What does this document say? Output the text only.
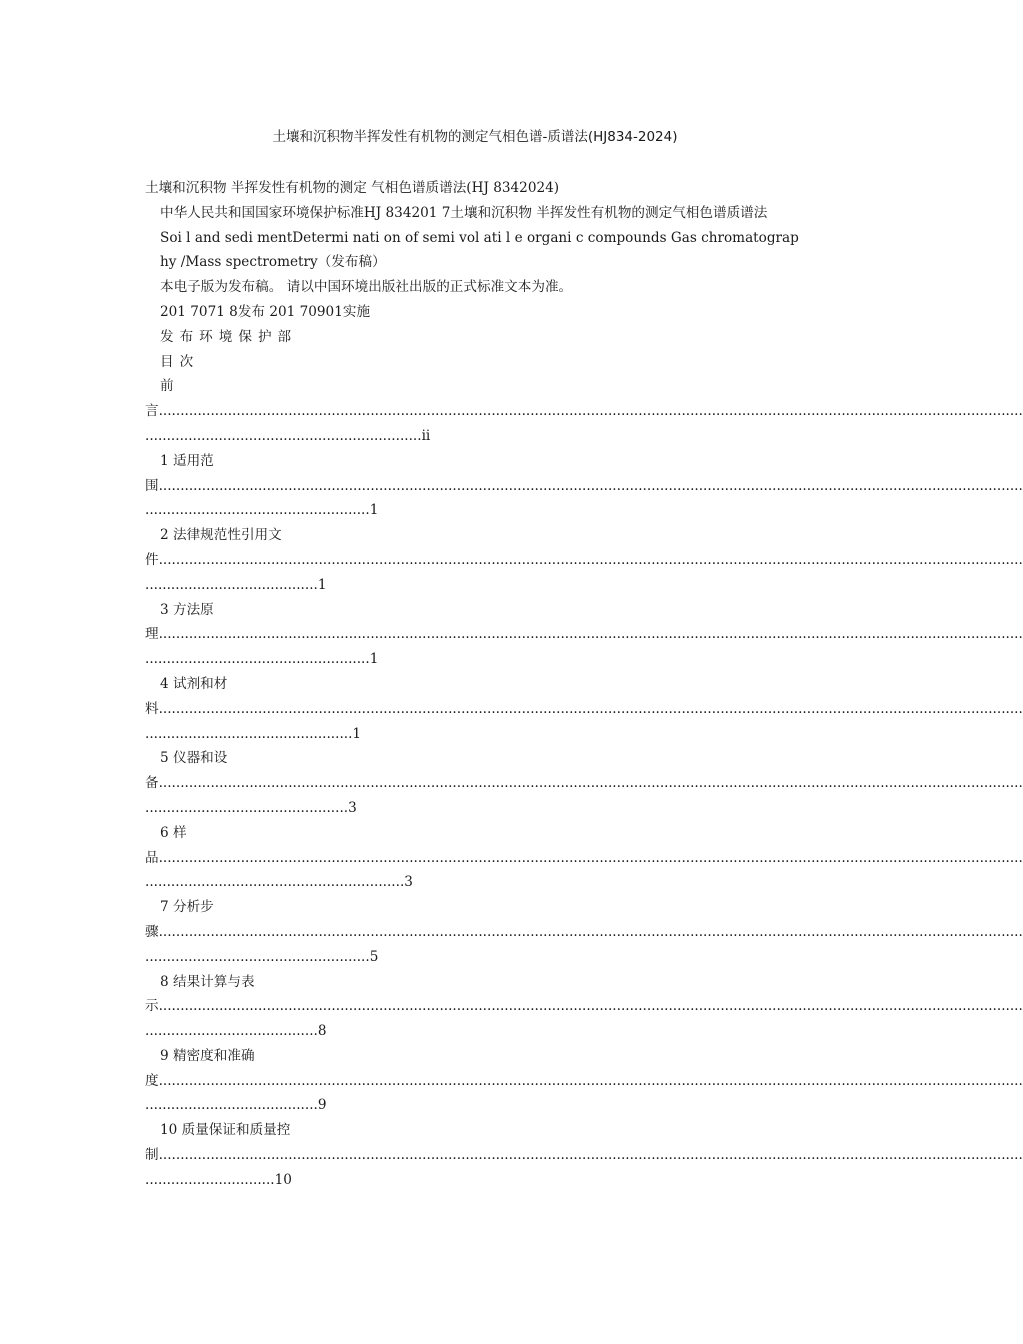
土壤和沉积物半挥发性有机物的测定气相色谱-质谱法(HJ834-2024)

土壤和沉积物 半挥发性有机物的测定 气相色谱质谱法(HJ 8342024)

中华人民共和国国家环境保护标准HJ 834201 7土壤和沉积物 半挥发性有机物的测定气相色谱质谱法

Soi l and sedi mentDetermi nati on of semi vol ati l e organi c compounds Gas chromatography /Mass spectrometry（发布稿）

本电子版为发布稿。 请以中国环境出版社出版的正式标准文本为准。

201 7071 8发布 201 70901实施

发布环境保护部

目次

前

言........................................................................................................................................................................................................

................................................................ii

1 适用范

围........................................................................................................................................................................................................

....................................................1

2 法律规范性引用文

件........................................................................................................................................................................................................

........................................1

3 方法原

理........................................................................................................................................................................................................

....................................................1

4 试剂和材

料........................................................................................................................................................................................................

................................................1

5 仪器和设

备........................................................................................................................................................................................................

...............................................3

6 样

品........................................................................................................................................................................................................

............................................................3

7 分析步

骤........................................................................................................................................................................................................

....................................................5

8 结果计算与表

示........................................................................................................................................................................................................

........................................8

9 精密度和准确

度........................................................................................................................................................................................................

........................................9

10 质量保证和质量控

制........................................................................................................................................................................................................

..............................10
